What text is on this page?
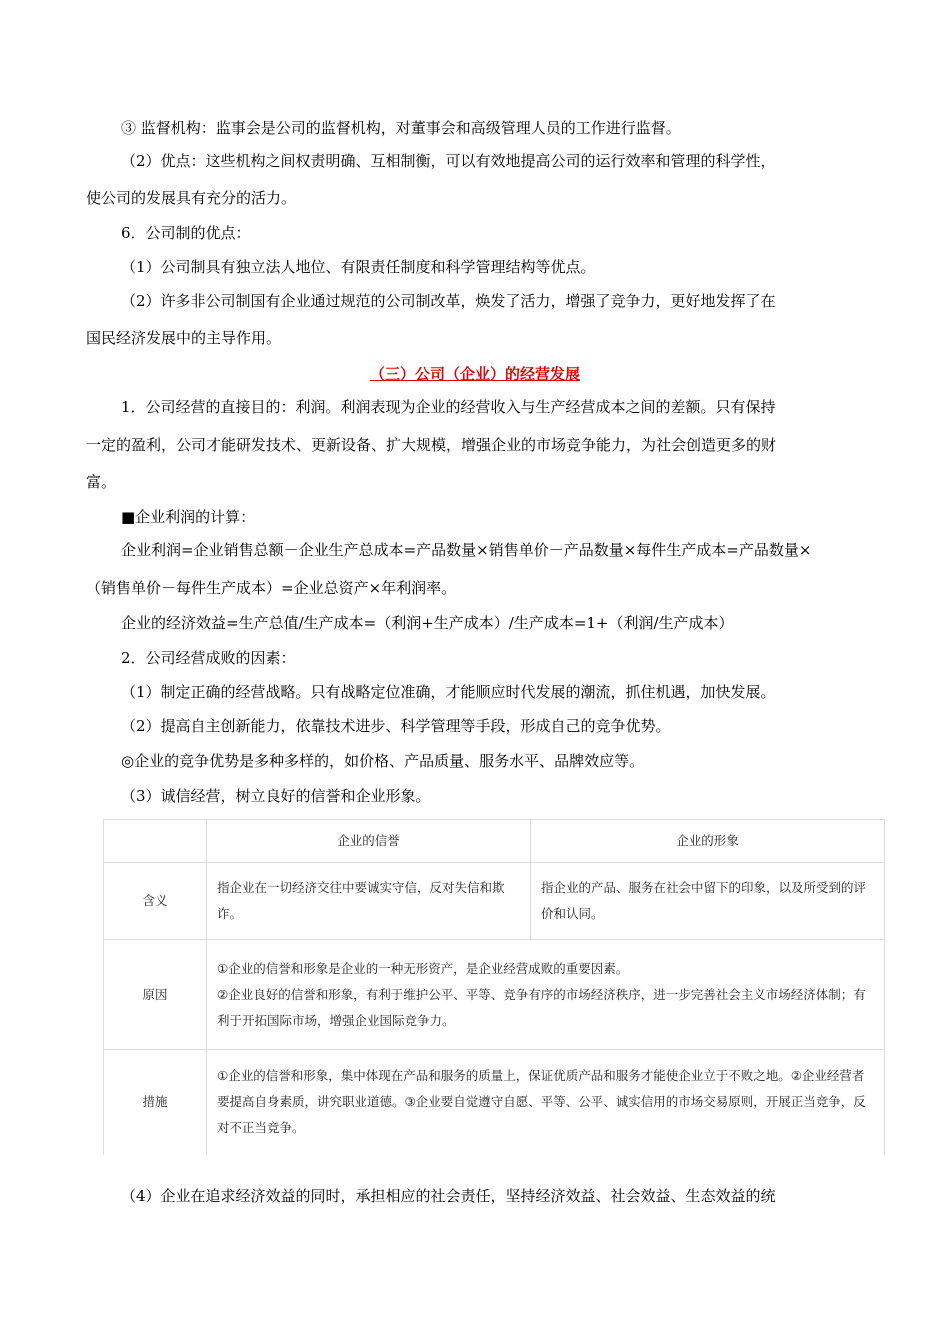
③ 监督机构：监事会是公司的监督机构，对董事会和高级管理人员的工作进行监督。
（2）优点：这些机构之间权责明确、互相制衡，可以有效地提高公司的运行效率和管理的科学性，
使公司的发展具有充分的活力。
6．公司制的优点：
（1）公司制具有独立法人地位、有限责任制度和科学管理结构等优点。
（2）许多非公司制国有企业通过规范的公司制改革，焕发了活力，增强了竞争力，更好地发挥了在
国民经济发展中的主导作用。
（三）公司（企业）的经营发展
1．公司经营的直接目的：利润。利润表现为企业的经营收入与生产经营成本之间的差额。只有保持
一定的盈利，公司才能研发技术、更新设备、扩大规模，增强企业的市场竞争能力，为社会创造更多的财
富。
■企业利润的计算：
企业利润=企业销售总额－企业生产总成本=产品数量×销售单价－产品数量×每件生产成本=产品数量×
（销售单价－每件生产成本）=企业总资产×年利润率。
企业的经济效益=生产总值/生产成本=（利润+生产成本）/生产成本=1+（利润/生产成本）
2．公司经营成败的因素：
（1）制定正确的经营战略。只有战略定位准确，才能顺应时代发展的潮流，抓住机遇，加快发展。
（2）提高自主创新能力，依靠技术进步、科学管理等手段，形成自己的竞争优势。
◎企业的竞争优势是多种多样的，如价格、产品质量、服务水平、品牌效应等。
（3）诚信经营，树立良好的信誉和企业形象。
	企业的信誉	企业的形象
含义	指企业在一切经济交往中要诚实守信，反对失信和欺诈。	指企业的产品、服务在社会中留下的印象，以及所受到的评价和认同。
原因	①企业的信誉和形象是企业的一种无形资产，是企业经营成败的重要因素。
②企业良好的信誉和形象，有利于维护公平、平等、竞争有序的市场经济秩序，进一步完善社会主义市场经济体制；有利于开拓国际市场，增强企业国际竞争力。	

措施	①企业的信誉和形象，集中体现在产品和服务的质量上，保证优质产品和服务才能使企业立于不败之地。②企业经营者要提高自身素质，讲究职业道德。③企业要自觉遵守自愿、平等、公平、诚实信用的市场交易原则，开展正当竞争，反对不正当竞争。	
（4）企业在追求经济效益的同时，承担相应的社会责任，坚持经济效益、社会效益、生态效益的统
